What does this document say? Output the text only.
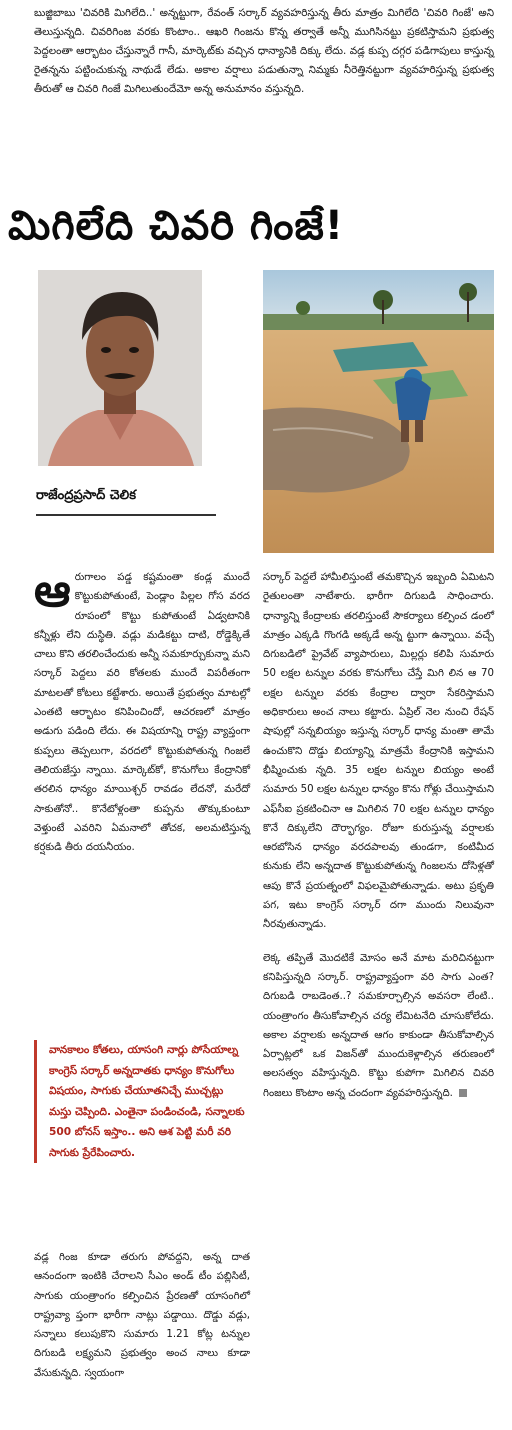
బుజ్జిబాబు 'చివరికి మిగిలేది..' అన్నట్టుగా, రేవంత్ సర్కార్ వ్యవహరిస్తున్న తీరు మాత్రం మిగిలేది 'చివరి గింజే' అని తెలుస్తున్నది. చివరిగింజ వరకు కొంటాం.. ఆఖరి గింజను కొన్న తర్వాతే అన్నీ ముగిసినట్టు ప్రకటిస్తామని ప్రభుత్వ పెద్దలంతా ఆర్భాటం చేస్తున్నారే గానీ, మార్కెట్‌కు వచ్చిన ధాన్యానికి దిక్కు లేదు. వడ్ల కుప్ప దగ్గర పడిగాపులు కాస్తున్న రైతన్నను పట్టించుకున్న నాథుడే లేడు. అకాల వర్షాలు పడుతున్నా నిమ్మకు నీరెత్తినట్టుగా వ్యవహరిస్తున్న ప్రభుత్వ తీరుతో ఆ చివరి గింజే మిగిలుతుందేమో అన్న అనుమానం వస్తున్నది.
మిగిలేది చివరి గింజే!
రాజేంద్రప్రసాద్ చెలిక
ఆ రుగాలం పడ్డ కష్టమంతా కండ్ల ముందే కొట్టుకుపోతుంటే, పెండ్లాం పిల్లల గోస వరద రూపంలో కొట్టు కుపోతుంటే ఏడ్వటానికి కన్నీళ్లు లేని దుస్థితి. వడ్లు మడికట్టు దాటి, రోడ్డెక్కితే చాలు కొని తరలించేందుకు అన్నీ సమకూర్చుకున్నా మని సర్కార్ పెద్దలు వరి కోతలకు ముందే విపరీతంగా మాటలతో కోటలు కట్టేశారు. అయితే ప్రభుత్వం మాటల్లో ఎంతటి ఆర్భాటం కనిపించిందో, ఆచరణలో మాత్రం అడుగు పడింది లేదు. ఈ విషయాన్ని రాష్ట్ర వ్యాప్తంగా కుప్పలు తెప్పలుగా, వరదలో కొట్టుకుపోతున్న గింజలే తెలియజేస్తు న్నాయి. మార్కెట్‌కో, కొనుగోలు కేంద్రానికో తరలిన ధాన్యం మాయిశ్చర్ రావడం లేదనో, మరేదో సాకుతోనో.. కొనేటోళ్లంతా కుప్పను తొక్కుకుంటూ వెళ్తుంటే ఎవరిని ఏమనాలో తోచక, అలమటిస్తున్న కర్షకుడి తీరు దయనీయం.
వానకాలం కోతలు, యాసంగి నార్లు పోసేయాల్న కాంగ్రెస్ సర్కార్ అన్నదాతకు ధాన్యం కొనుగోలు విషయం, సాగుకు చేయూతనిచ్చే ముచ్చట్లు మస్తు చెప్పింది. ఎంతైనా పండించండి, సన్నాలకు 500 బోనస్ ఇస్తాం.. అని ఆశ పెట్టి మరీ వరి సాగుకు ప్రేరేపించారు.
వడ్ల గింజ కూడా తరుగు పోవద్దని, అన్న దాత ఆనందంగా ఇంటికి చేరాలని సీఎం అండ్ టీం పబ్లిసిటీ, సాగుకు యంత్రాంగం కల్పించిన ప్రేరణతో యాసంగిలో రాష్ట్రవ్యా ప్తంగా భారీగా నాట్లు పడ్డాయి. దొడ్డు వడ్లు, సన్నాలు కలుపుకొని సుమారు 1.21 కోట్ల టన్నుల దిగుబడి లక్ష్యమని ప్రభుత్వం అంచ నాలు కూడా వేసుకున్నది. స్వయంగా

సర్కార్ పెద్దలే హామీలిస్తుంటే తమకొచ్చిన ఇబ్బంది ఏమిటని రైతులంతా నాటేశారు. భారీగా దిగుబడి సాధించారు. ధాన్యాన్ని కేంద్రాలకు తరలిస్తుంటే సౌకర్యాలు కల్పించ డంలో మాత్రం ఎక్కడి గొంగడి అక్కడే అన్న ట్టుగా ఉన్నాయి. వచ్చే దిగుబడిలో ప్రైవేట్ వ్యాపారులు, మిల్లర్లు కలిపి సుమారు 50 లక్షల టన్నుల వరకు కొనుగోలు చేస్తే మిగి లిన ఆ 70 లక్షల టన్నుల వరకు కేంద్రాల ద్వారా సేకరిస్తామని అధికారులు అంచ నాలు కట్టారు. ఏప్రిల్ నెల నుంచి రేషన్ షాపుల్లో సన్నబియ్యం ఇస్తున్న సర్కార్ ధాన్య మంతా తామే ఉంచుకొని దొడ్డు బియ్యాన్ని మాత్రమే కేంద్రానికి ఇస్తామని భీష్మించుకు న్నది. 35 లక్షల టన్నుల బియ్యం అంటే సుమారు 50 లక్షల టన్నుల ధాన్యం కొను గోళ్లు చేయిస్తామని ఎఫ్‌సీఐ ప్రకటించినా ఆ మిగిలిన 70 లక్షల టన్నుల ధాన్యం కొనే దిక్కులేని దౌర్భాగ్యం. రోజూ కురుస్తున్న వర్షాలకు ఆరబోసిన ధాన్యం వరదపాలవు తుండగా, కంటిమీద కునుకు లేని అన్నదాత కొట్టుకుపోతున్న గింజలను దోసిళ్లతో ఆపు కొనే ప్రయత్నంలో విఫలమైపోతున్నాడు. అటు ప్రకృతి పగ, ఇటు కాంగ్రెస్ సర్కార్ దగా ముందు నిలువునా నీరవుతున్నాడు.

లెక్క తప్పితే మొదటికే మోసం అనే మాట మరిచినట్టుగా కనిపిస్తున్నది సర్కార్. రాష్ట్రవ్యాప్తంగా వరి సాగు ఎంత? దిగుబడి రాబడెంత..? సమకూర్చాల్సిన అవసరా లేంటి.. యంత్రాంగం తీసుకోవాల్సిన చర్య లేమిటనేది చూసుకోలేదు. అకాల వర్షాలకు అన్నదాత ఆగం కాకుండా తీసుకోవాల్సిన ఏర్పాట్లలో ఒక విజన్‌తో ముందుకెళ్లాల్సిన తరుణంలో అలసత్వం వహిస్తున్నది. కొట్టు కుపోగా మిగిలిన చివరి గింజలు కొంటాం అన్న చందంగా వ్యవహరిస్తున్నది.
